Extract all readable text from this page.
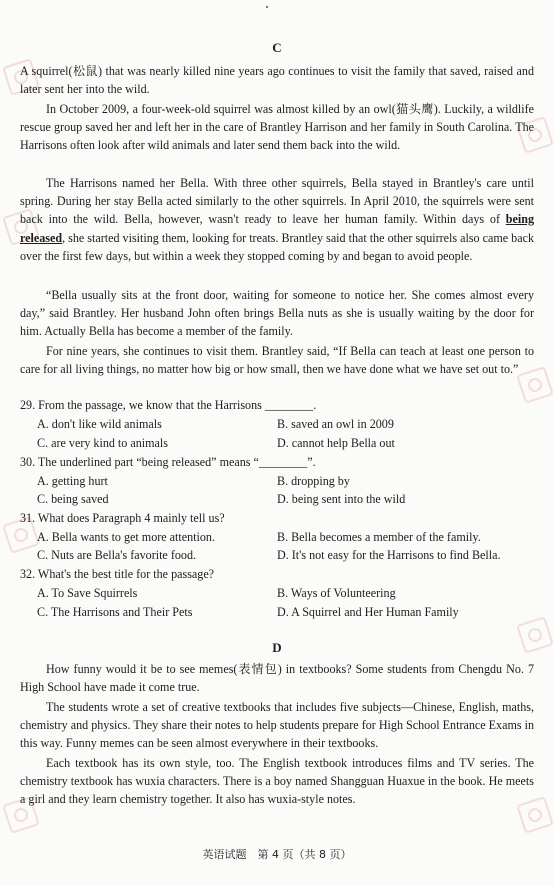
C
A squirrel(松鼠) that was nearly killed nine years ago continues to visit the family that saved, raised and later sent her into the wild.
In October 2009, a four-week-old squirrel was almost killed by an owl(猫头鹰). Luckily, a wildlife rescue group saved her and left her in the care of Brantley Harrison and her family in South Carolina. The Harrisons often look after wild animals and later send them back into the wild.
The Harrisons named her Bella. With three other squirrels, Bella stayed in Brantley's care until spring. During her stay Bella acted similarly to the other squirrels. In April 2010, the squirrels were sent back into the wild. Bella, however, wasn't ready to leave her human family. Within days of being released, she started visiting them, looking for treats. Brantley said that the other squirrels also came back over the first few days, but within a week they stopped coming by and began to avoid people.
“Bella usually sits at the front door, waiting for someone to notice her. She comes almost every day,” said Brantley. Her husband John often brings Bella nuts as she is usually waiting by the door for him. Actually Bella has become a member of the family.
For nine years, she continues to visit them. Brantley said, “If Bella can teach at least one person to care for all living things, no matter how big or how small, then we have done what we have set out to.”
29. From the passage, we know that the Harrisons ________.
A. don't like wild animals	B. saved an owl in 2009
C. are very kind to animals	D. cannot help Bella out
30. The underlined part “being released” means “________”.
A. getting hurt	B. dropping by
C. being saved	D. being sent into the wild
31. What does Paragraph 4 mainly tell us?
A. Bella wants to get more attention.	B. Bella becomes a member of the family.
C. Nuts are Bella's favorite food.	D. It's not easy for the Harrisons to find Bella.
32. What's the best title for the passage?
A. To Save Squirrels	B. Ways of Volunteering
C. The Harrisons and Their Pets	D. A Squirrel and Her Human Family
D
How funny would it be to see memes(表情包) in textbooks? Some students from Chengdu No. 7 High School have made it come true.
The students wrote a set of creative textbooks that includes five subjects—Chinese, English, maths, chemistry and physics. They share their notes to help students prepare for High School Entrance Exams in this way. Funny memes can be seen almost everywhere in their textbooks.
Each textbook has its own style, too. The English textbook introduces films and TV series. The chemistry textbook has wuxia characters. There is a boy named Shangguan Huaxue in the book. He meets a girl and they learn chemistry together. It also has wuxia-style notes.
英语试题　第 4 页（共 8 页）
